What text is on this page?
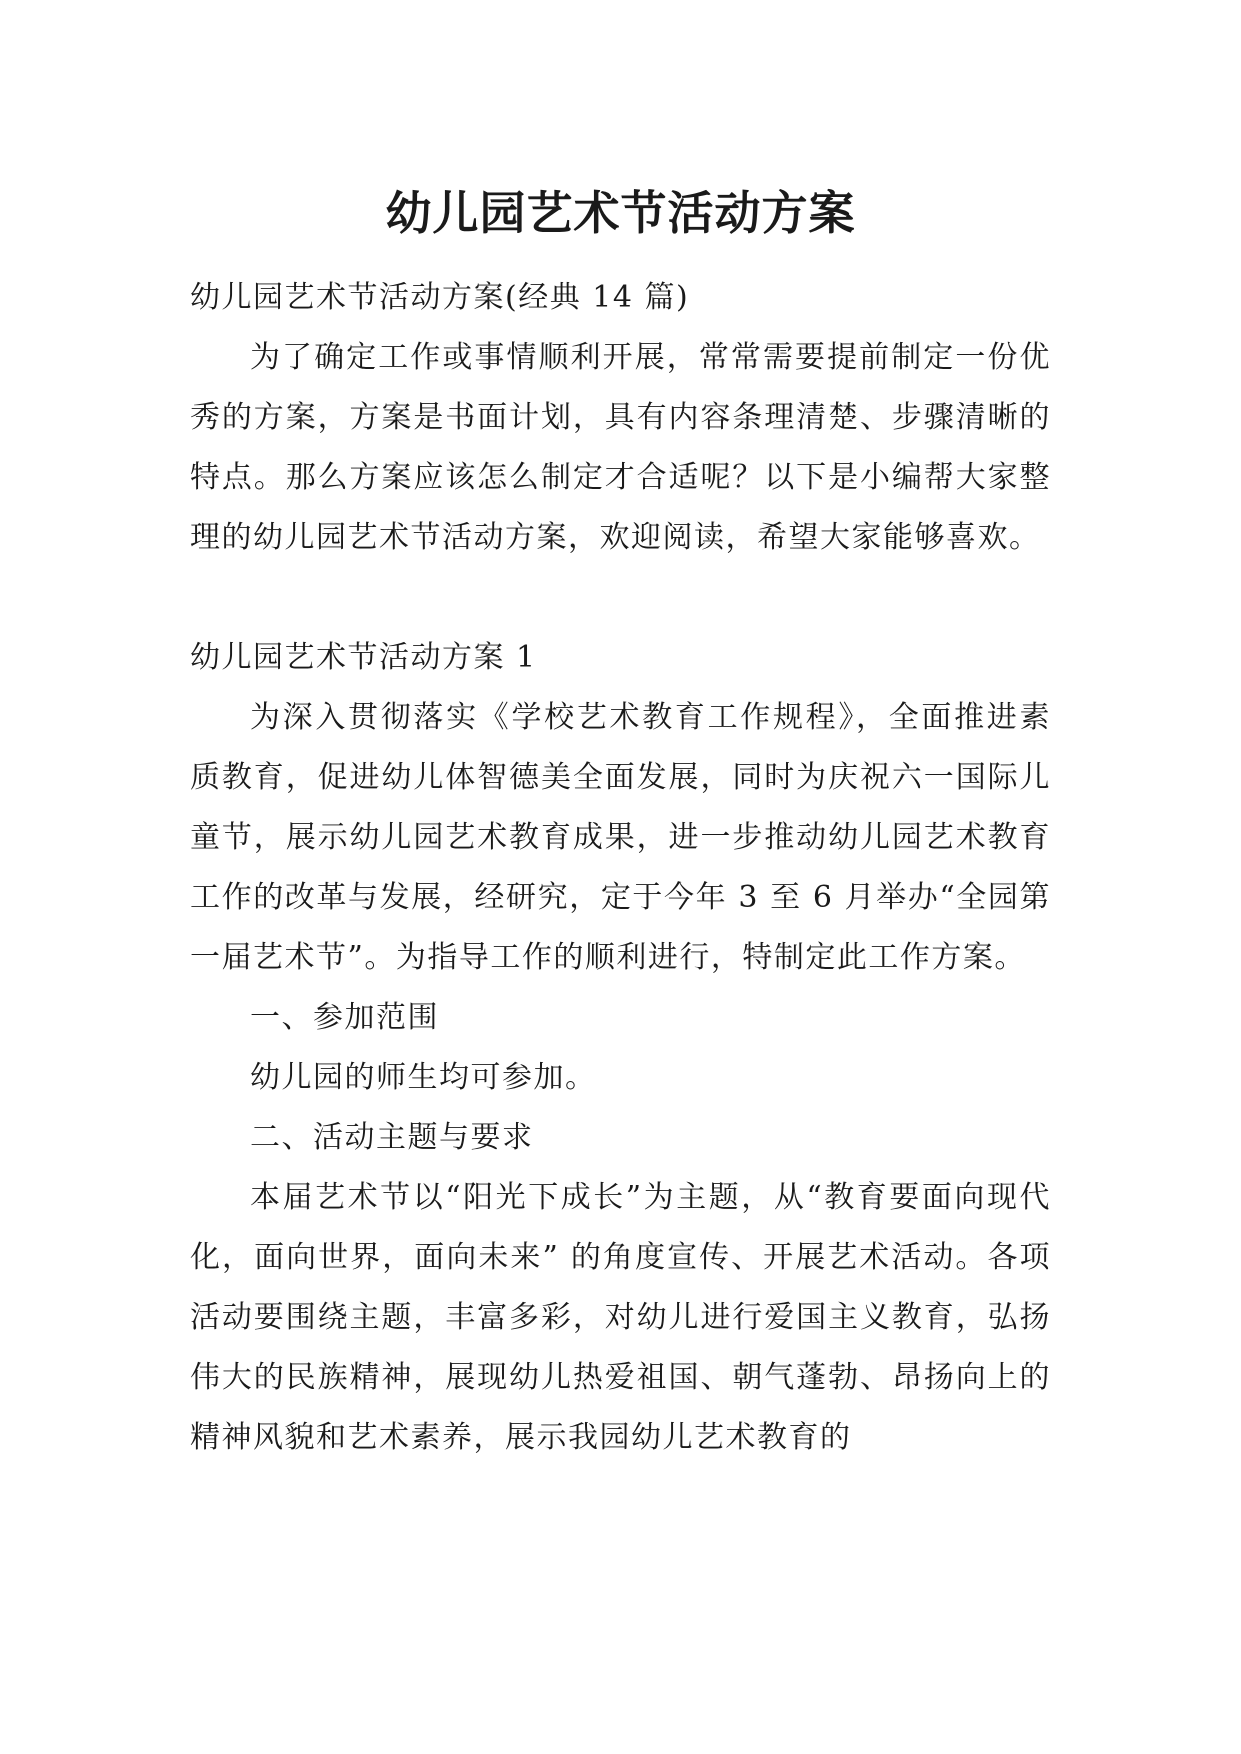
幼儿园艺术节活动方案

幼儿园艺术节活动方案(经典 14 篇)

为了确定工作或事情顺利开展，常常需要提前制定一份优秀的方案，方案是书面计划，具有内容条理清楚、步骤清晰的特点。那么方案应该怎么制定才合适呢？以下是小编帮大家整理的幼儿园艺术节活动方案，欢迎阅读，希望大家能够喜欢。

幼儿园艺术节活动方案 1

为深入贯彻落实《学校艺术教育工作规程》，全面推进素质教育，促进幼儿体智德美全面发展，同时为庆祝六一国际儿童节，展示幼儿园艺术教育成果，进一步推动幼儿园艺术教育工作的改革与发展，经研究，定于今年 3 至 6 月举办“全园第一届艺术节”。为指导工作的顺利进行，特制定此工作方案。

一、参加范围

幼儿园的师生均可参加。

二、活动主题与要求

本届艺术节以“阳光下成长”为主题，从“教育要面向现代化，面向世界，面向未来” 的角度宣传、开展艺术活动。各项活动要围绕主题，丰富多彩，对幼儿进行爱国主义教育，弘扬伟大的民族精神，展现幼儿热爱祖国、朝气蓬勃、昂扬向上的精神风貌和艺术素养，展示我园幼儿艺术教育的
